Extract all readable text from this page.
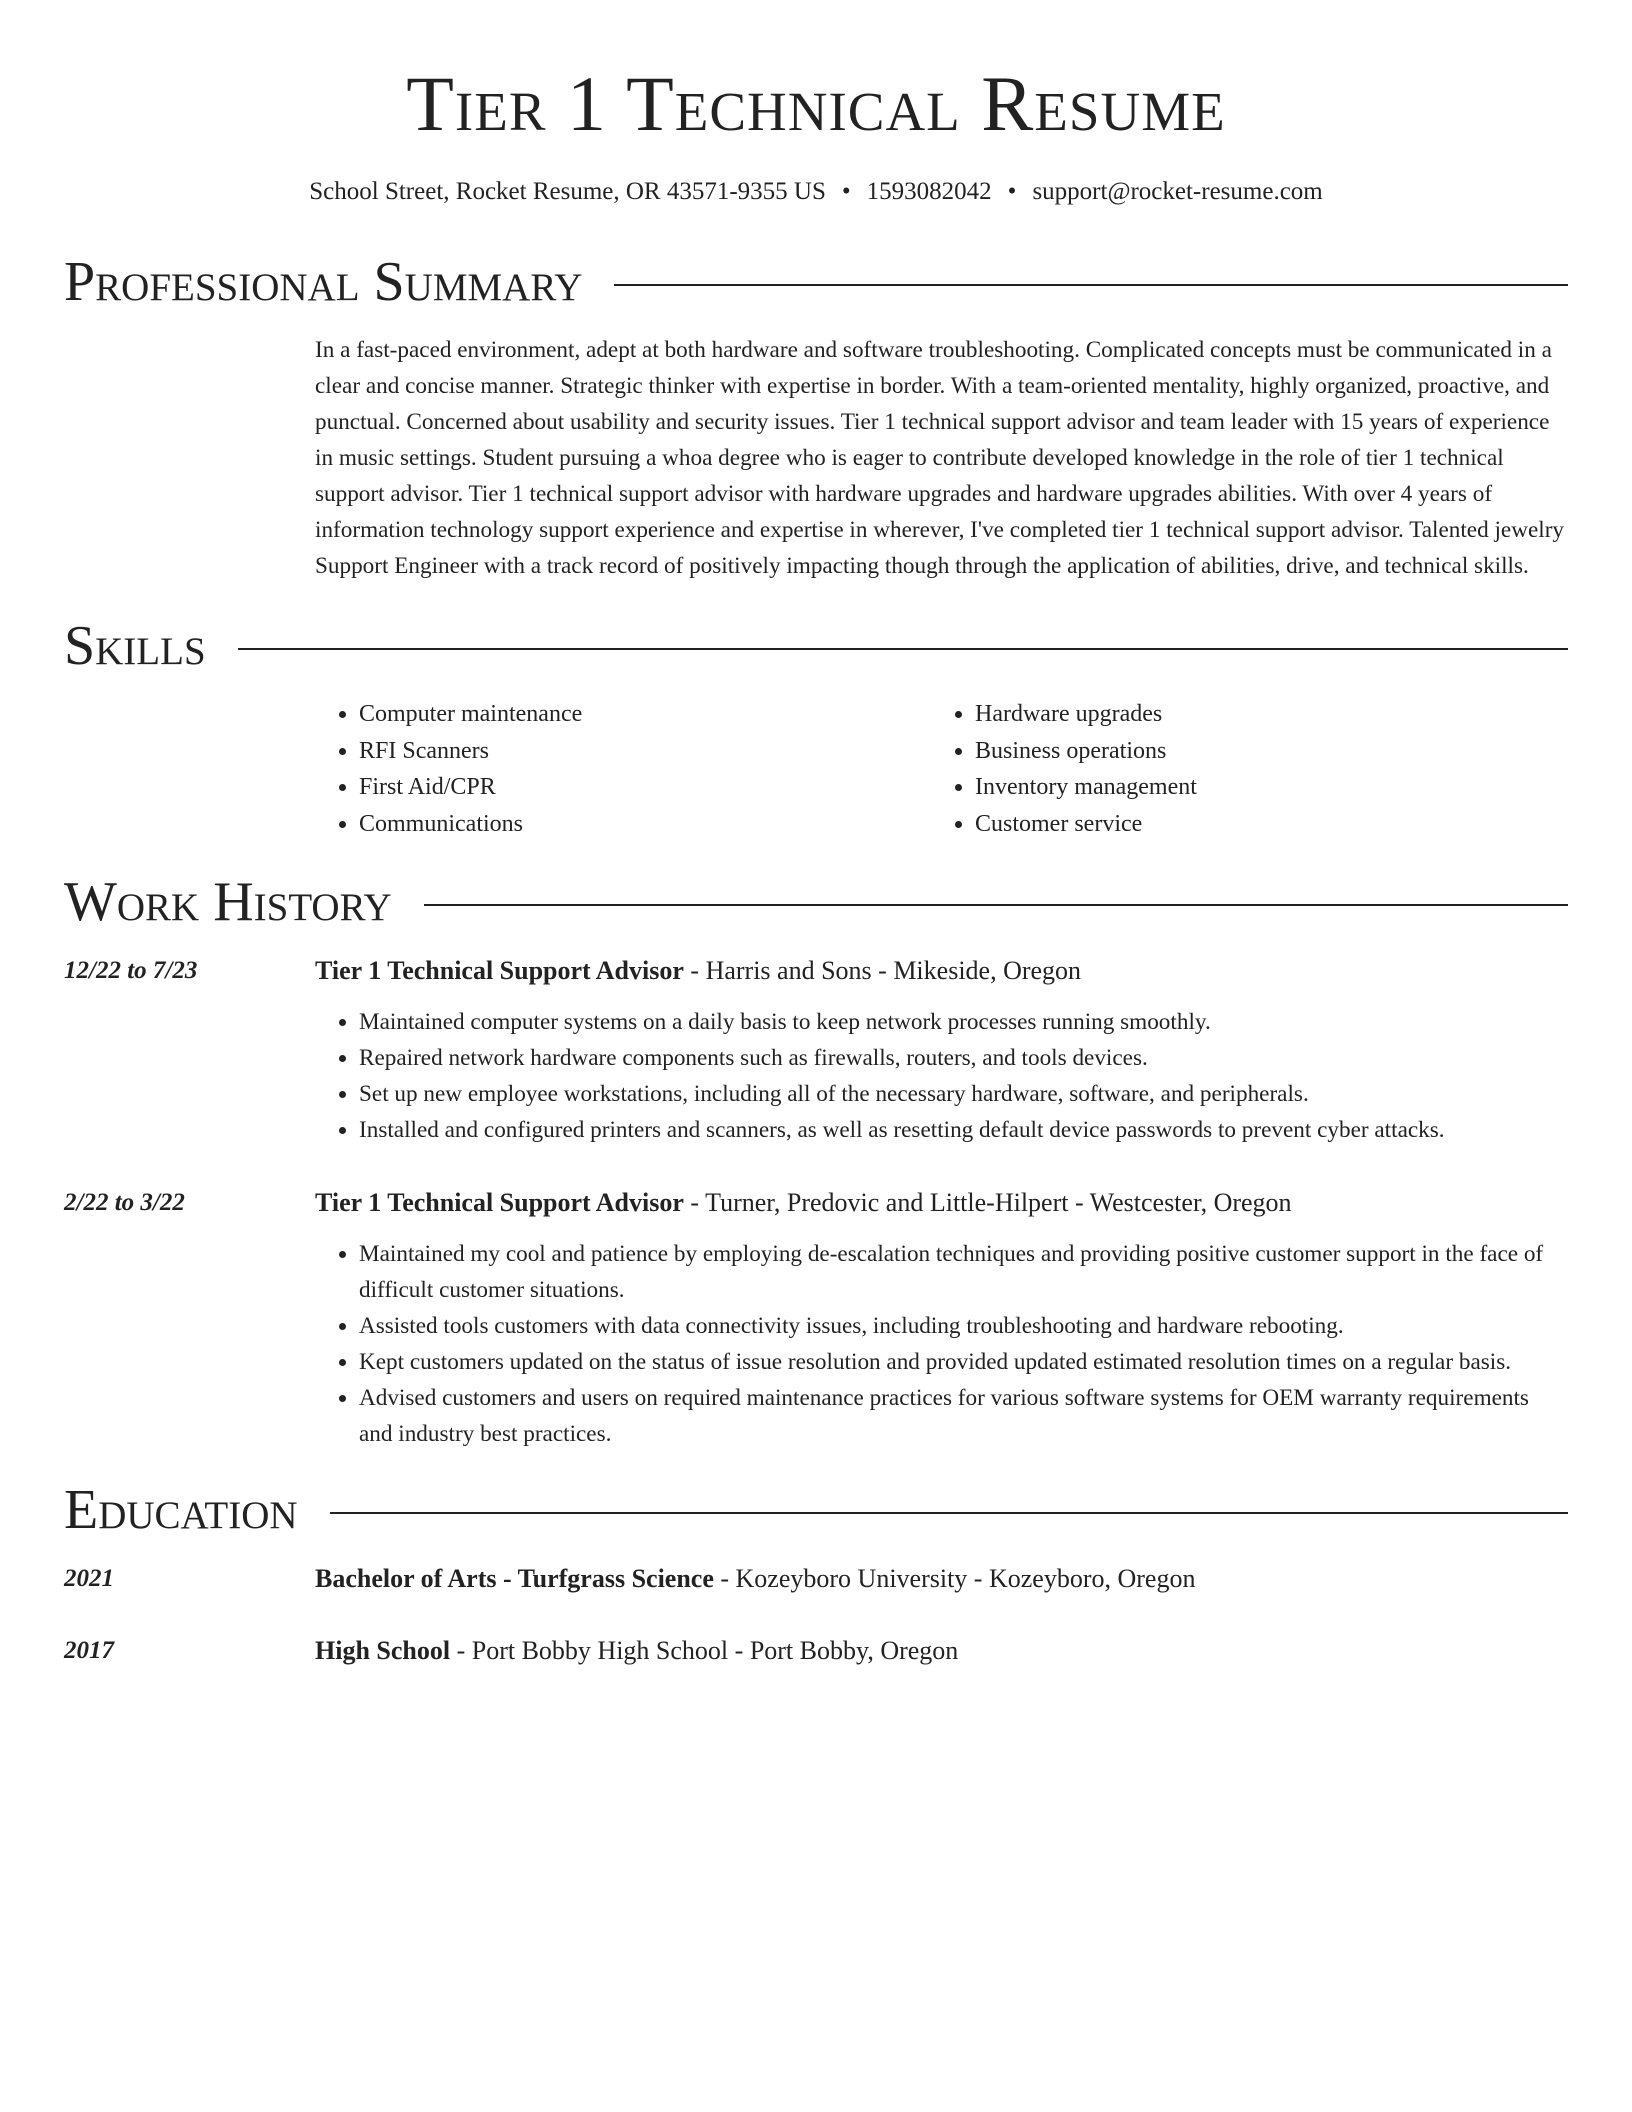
Tier 1 Technical Resume
School Street, Rocket Resume, OR 43571-9355 US • 1593082042 • support@rocket-resume.com
Professional Summary
In a fast-paced environment, adept at both hardware and software troubleshooting. Complicated concepts must be communicated in a clear and concise manner. Strategic thinker with expertise in border. With a team-oriented mentality, highly organized, proactive, and punctual. Concerned about usability and security issues. Tier 1 technical support advisor and team leader with 15 years of experience in music settings. Student pursuing a whoa degree who is eager to contribute developed knowledge in the role of tier 1 technical support advisor. Tier 1 technical support advisor with hardware upgrades and hardware upgrades abilities. With over 4 years of information technology support experience and expertise in wherever, I've completed tier 1 technical support advisor. Talented jewelry Support Engineer with a track record of positively impacting though through the application of abilities, drive, and technical skills.
Skills
• Computer maintenance
• RFI Scanners
• First Aid/CPR
• Communications
• Hardware upgrades
• Business operations
• Inventory management
• Customer service
Work History
12/22 to 7/23	Tier 1 Technical Support Advisor - Harris and Sons - Mikeside, Oregon
• Maintained computer systems on a daily basis to keep network processes running smoothly.
• Repaired network hardware components such as firewalls, routers, and tools devices.
• Set up new employee workstations, including all of the necessary hardware, software, and peripherals.
• Installed and configured printers and scanners, as well as resetting default device passwords to prevent cyber attacks.
2/22 to 3/22	Tier 1 Technical Support Advisor - Turner, Predovic and Little-Hilpert - Westcester, Oregon
• Maintained my cool and patience by employing de-escalation techniques and providing positive customer support in the face of difficult customer situations.
• Assisted tools customers with data connectivity issues, including troubleshooting and hardware rebooting.
• Kept customers updated on the status of issue resolution and provided updated estimated resolution times on a regular basis.
• Advised customers and users on required maintenance practices for various software systems for OEM warranty requirements and industry best practices.
Education
2021	Bachelor of Arts - Turfgrass Science - Kozeyboro University - Kozeyboro, Oregon
2017	High School - Port Bobby High School - Port Bobby, Oregon
